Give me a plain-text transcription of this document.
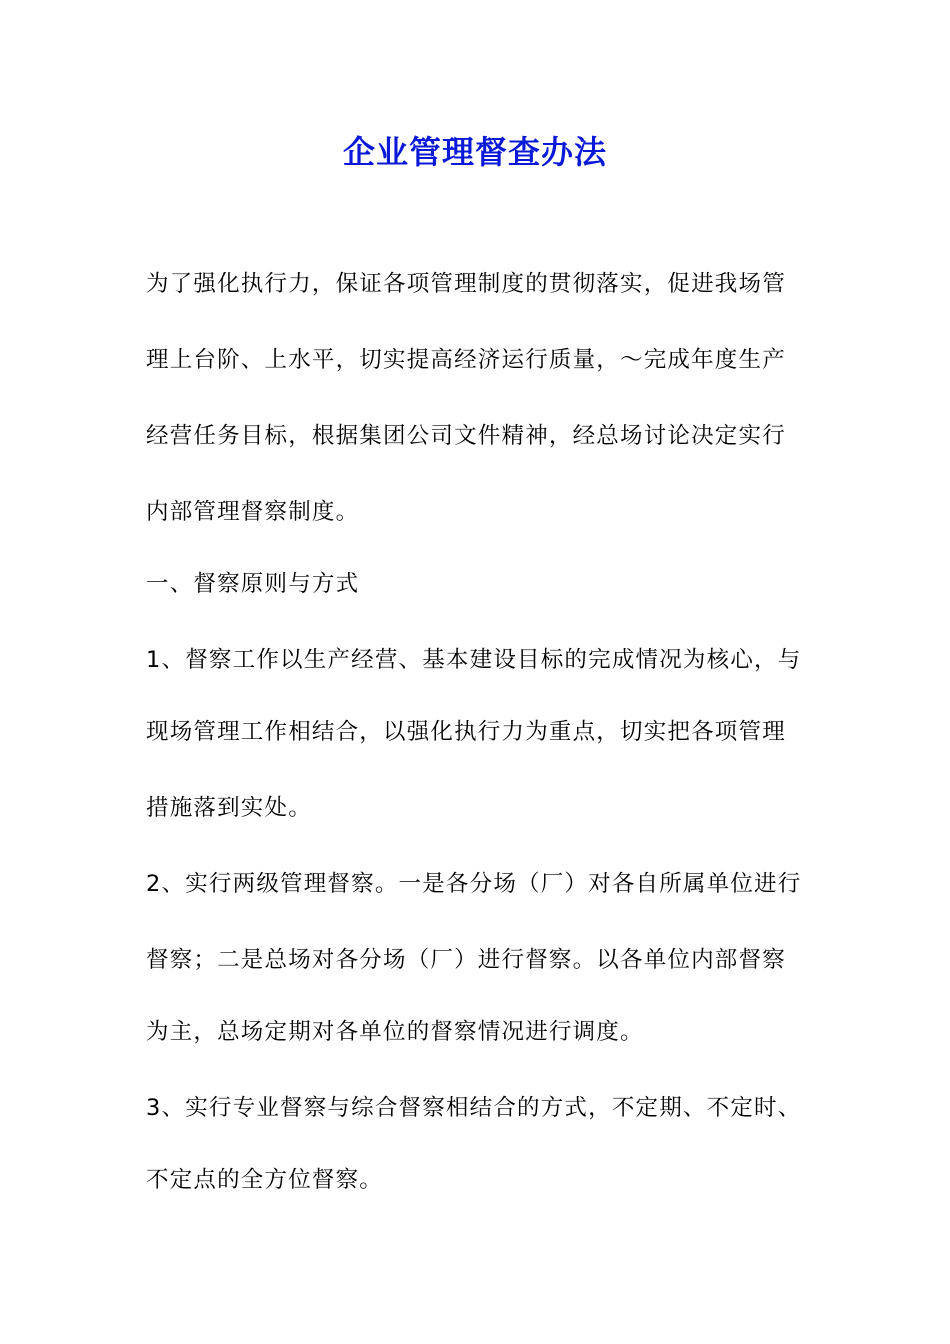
企业管理督查办法
为了强化执行力，保证各项管理制度的贯彻落实，促进我场管
理上台阶、上水平，切实提高经济运行质量，～完成年度生产
经营任务目标，根据集团公司文件精神，经总场讨论决定实行
内部管理督察制度。
一、督察原则与方式
1、督察工作以生产经营、基本建设目标的完成情况为核心，与
现场管理工作相结合，以强化执行力为重点，切实把各项管理
措施落到实处。
2、实行两级管理督察。一是各分场（厂）对各自所属单位进行
督察；二是总场对各分场（厂）进行督察。以各单位内部督察
为主，总场定期对各单位的督察情况进行调度。
3、实行专业督察与综合督察相结合的方式，不定期、不定时、
不定点的全方位督察。
